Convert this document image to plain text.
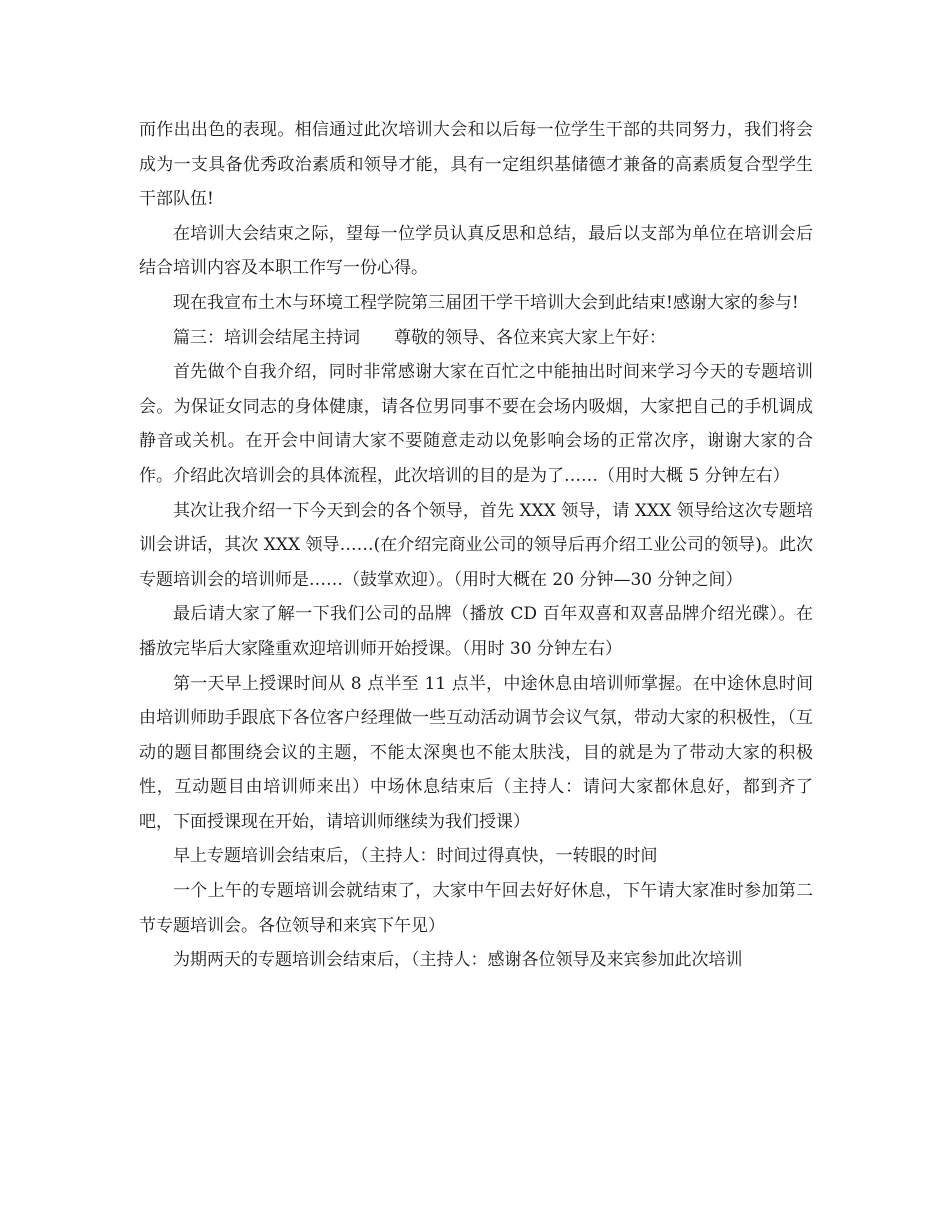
而作出出色的表现。相信通过此次培训大会和以后每一位学生干部的共同努力，我们将会成为一支具备优秀政治素质和领导才能，具有一定组织基储德才兼备的高素质复合型学生干部队伍!

在培训大会结束之际，望每一位学员认真反思和总结，最后以支部为单位在培训会后结合培训内容及本职工作写一份心得。

现在我宣布土木与环境工程学院第三届团干学干培训大会到此结束!感谢大家的参与!

篇三：培训会结尾主持词　　尊敬的领导、各位来宾大家上午好：

首先做个自我介绍，同时非常感谢大家在百忙之中能抽出时间来学习今天的专题培训会。为保证女同志的身体健康，请各位男同事不要在会场内吸烟，大家把自己的手机调成静音或关机。在开会中间请大家不要随意走动以免影响会场的正常次序，谢谢大家的合作。介绍此次培训会的具体流程，此次培训的目的是为了……（用时大概 5 分钟左右）

其次让我介绍一下今天到会的各个领导，首先 XXX 领导，请 XXX 领导给这次专题培训会讲话，其次 XXX 领导……(在介绍完商业公司的领导后再介绍工业公司的领导)。此次专题培训会的培训师是……（鼓掌欢迎）。（用时大概在 20 分钟—30 分钟之间）

最后请大家了解一下我们公司的品牌（播放 CD 百年双喜和双喜品牌介绍光碟）。在播放完毕后大家隆重欢迎培训师开始授课。（用时 30 分钟左右）

第一天早上授课时间从 8 点半至 11 点半，中途休息由培训师掌握。在中途休息时间由培训师助手跟底下各位客户经理做一些互动活动调节会议气氛，带动大家的积极性，（互动的题目都围绕会议的主题，不能太深奥也不能太肤浅，目的就是为了带动大家的积极性，互动题目由培训师来出）中场休息结束后（主持人：请问大家都休息好，都到齐了吧，下面授课现在开始，请培训师继续为我们授课）

早上专题培训会结束后，（主持人：时间过得真快，一转眼的时间

一个上午的专题培训会就结束了，大家中午回去好好休息，下午请大家准时参加第二节专题培训会。各位领导和来宾下午见）

为期两天的专题培训会结束后，（主持人：感谢各位领导及来宾参加此次培训
